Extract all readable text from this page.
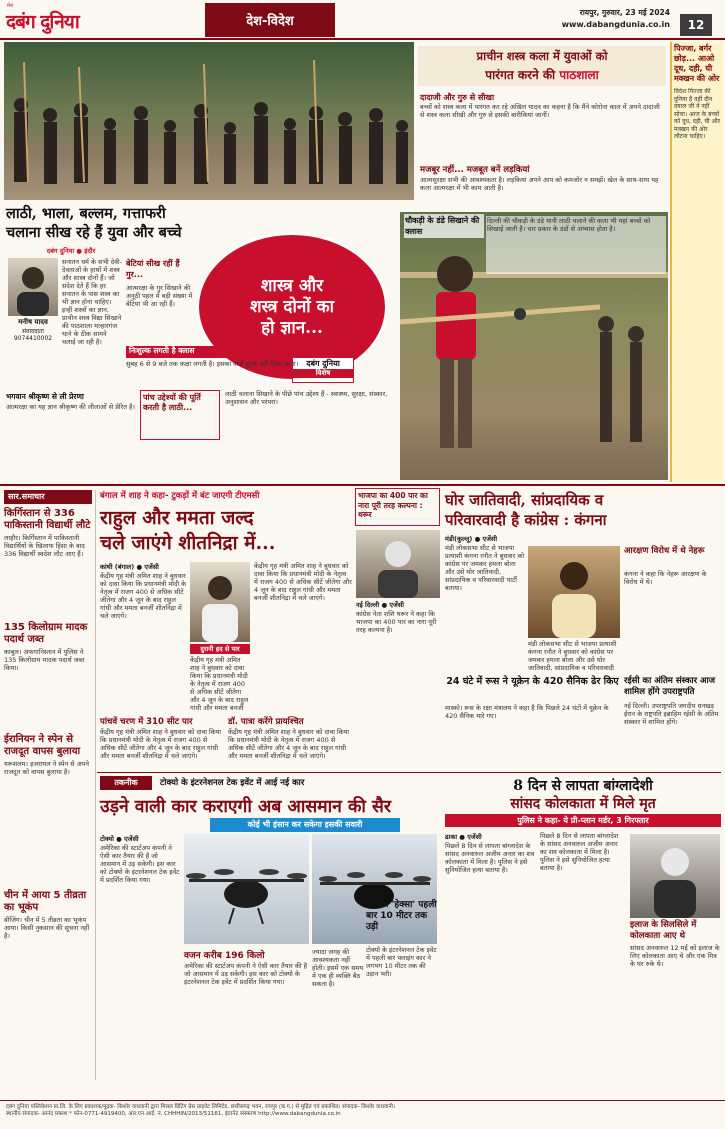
मेरा
दबंग दुनिया	देश-विदेश
रायपुर, गुरुवार, 23 मई 2024
www.dabangdunia.co.in	12
प्राचीन शस्त्र कला में युवाओं को
पारंगत करने की पाठशाला
पिज्जा, बर्गर छोड़... आओ दूध, दही, घी मक्खन की ओर
विदेश पिज्जा की दुनिया है वहीं दीन दयाल जी ने नहीं सोचा। आज के बच्चों को दूध, दही, घी और मक्खन की ओर लौटना चाहिए।
दादाजी और गुरु से सीखा
बच्चों को शस्त्र कला में पारंगत कर रहे अखिल यादव का कहना है कि मैंने कोरोना काल में अपने दादाजी से शस्त्र कला सीखी और गुरु से इसकी बारीकियां जानीं।
मजबूर नहीं... मजबूत बनें लड़कियां
आत्मसुरक्षा सभी की आवश्यकता है। लड़कियां अपने आप को कमजोर न समझें। खेल के साथ-साथ यह कला आत्मरक्षा में भी काम आती है।
लाठी, भाला, बल्लम, गत्ताफरी
चलाना सीख रहे हैं युवा और बच्चे
चौकड़ी के डंडे सिखाने की क्लास
दिल्ली की चौकड़ी के डंडे यानी लाठी चलाने की कला भी यहां बच्चों को सिखाई जाती है। चार प्रकार के डंडों से अभ्यास होता है।
शास्त्र और
शस्त्र दोनों का
हो ज्ञान...
दबंग दुनिया
विशेष
दबंग दुनिया ● इंदौर
मनीष यादव
संवाददाता
9074410002
सनातन धर्म के सभी देवी-देवताओं के हाथों में शस्त्र और शास्त्र दोनों हैं। जो संदेश देते हैं कि हर सनातन के पास शस्त्र का भी ज्ञान होना चाहिए। इन्हीं शस्त्रों का ज्ञान, प्राचीन शस्त्र विद्या सिखाने की पाठशाला मल्हारगंज थाने के ठीक सामने चलाई जा रही है।
भगवान श्रीकृष्ण से ली प्रेरणा
आत्मरक्षा का यह ज्ञान श्रीकृष्ण की लीलाओं से प्रेरित है।
बेटियां सीख रहीं हैं गुर...
आत्मरक्षा के गुर सिखाने की अनूठी पहल में बड़ी संख्या में बेटियां भी आ रही हैं।
निःशुल्क लगती है क्लास
सुबह 6 से 9 बजे तक कक्षा लगती है। इसका कोई शुल्क नहीं लिया जाता।
पांच उद्देश्यों की पूर्ति करती है लाठी...
लाठी चलाना सिखाने के पीछे पांच उद्देश्य हैं - स्वास्थ्य, सुरक्षा, संस्कार, अनुशासन और परंपरा।
सार.समाचार
किर्गिस्तान से 336 पाकिस्तानी विद्यार्थी लौटे
लाहौर। किर्गिस्तान में पाकिस्तानी विद्यार्थियों के खिलाफ हिंसा के बाद 336 विद्यार्थी स्वदेश लौट आए हैं।
135 किलोग्राम मादक पदार्थ जब्त
काबुल। अफगानिस्तान में पुलिस ने 135 किलोग्राम मादक पदार्थ जब्त किया।
ईरानियन ने स्पेन से राजदूत वापस बुलाया
यरूशलम। इजरायल ने स्पेन से अपने राजदूत को वापस बुलाया है।
चीन में आया 5 तीव्रता का भूकंप
बीजिंग। चीन में 5 तीव्रता का भूकंप आया। किसी नुकसान की सूचना नहीं है।
बंगाल में शाह ने कहा- टुकड़ों में बंट जाएगी टीएमसी
राहुल और ममता जल्द
चले जाएंगे शीतनिद्रा में...
कांथी (बंगाल) ● एजेंसी
केंद्रीय गृह मंत्री अमित शाह ने बुधवार को दावा किया कि प्रधानमंत्री मोदी के नेतृत्व में राजग 400 से अधिक सीटें जीतेगा और 4 जून के बाद राहुल गांधी और ममता बनर्जी शीतनिद्रा में चले जाएंगे।
दुरानी हद से पार
केंद्रीय गृह मंत्री अमित शाह ने बुधवार को दावा किया कि प्रधानमंत्री मोदी के नेतृत्व में राजग 400 से अधिक सीटें जीतेगा और 4 जून के बाद राहुल गांधी और ममता बनर्जी
केंद्रीय गृह मंत्री अमित शाह ने बुधवार को दावा किया कि प्रधानमंत्री मोदी के नेतृत्व में राजग 400 से अधिक सीटें जीतेगा और 4 जून के बाद राहुल गांधी और ममता बनर्जी शीतनिद्रा में चले जाएंगे।
पांचवें चरण में 310 सीट पार	डॉ. पात्रा करेंगे प्रायश्चित
केंद्रीय गृह मंत्री अमित शाह ने बुधवार को दावा किया कि प्रधानमंत्री मोदी के नेतृत्व में राजग 400 से अधिक सीटें जीतेगा और 4 जून के बाद राहुल गांधी और ममता बनर्जी शीतनिद्रा में चले जाएंगे।
केंद्रीय गृह मंत्री अमित शाह ने बुधवार को दावा किया कि प्रधानमंत्री मोदी के नेतृत्व में राजग 400 से अधिक सीटें जीतेगा और 4 जून के बाद राहुल गांधी और ममता बनर्जी शीतनिद्रा में चले जाएंगे।
भाजपा का 400 पार का नारा पूरी तरह कल्पना : थरूर
नई दिल्ली ● एजेंसी
कांग्रेस नेता शशि थरूर ने कहा कि भाजपा का 400 पार का नारा पूरी तरह कल्पना है।
घोर जातिवादी, सांप्रदायिक व
परिवारवादी है कांग्रेस : कंगना
मंडी(कुल्लू) ● एजेंसी
मंडी लोकसभा सीट से भाजपा प्रत्याशी कंगना रनौत ने बुधवार को कांग्रेस पर जमकर हमला बोला और उसे घोर जातिवादी, सांप्रदायिक व परिवारवादी पार्टी बताया।
मंडी लोकसभा सीट से भाजपा प्रत्याशी कंगना रनौत ने बुधवार को कांग्रेस पर जमकर हमला बोला और उसे घोर जातिवादी, सांप्रदायिक व परिवारवादी
आरक्षण विरोध में थे नेहरू
कंगना ने कहा कि नेहरू आरक्षण के विरोध में थे।
24 घंटे में रूस ने यूक्रेन के 420 सैनिक ढेर किए
मास्को। रूस के रक्षा मंत्रालय ने कहा है कि पिछले 24 घंटों में यूक्रेन के 420 सैनिक मारे गए।
रईसी का अंतिम संस्कार आज शामिल होंगे उपराष्ट्रपति
नई दिल्ली। उपराष्ट्रपति जगदीप धनखड़ ईरान के राष्ट्रपति इब्राहिम रईसी के अंतिम संस्कार में शामिल होंगे।
तकनीक	टोक्यो के इंटरनेशनल टेक इवेंट में आई नई कार
उड़ने वाली कार कराएगी अब आसमान की सैर
कोई भी इंसान कर सकेगा इसकी सवारी
टोक्यो ● एजेंसी
अमेरिका की स्टार्टअप कंपनी ने ऐसी कार तैयार की है जो आसमान में उड़ सकेगी। इस कार को टोक्यो के इंटरनेशनल टेक इवेंट में प्रदर्शित किया गया।
वजन करीब 196 किलो
अमेरिका की स्टार्टअप कंपनी ने ऐसी कार तैयार की है जो आसमान में उड़ सकेगी। इस कार को टोक्यो के इंटरनेशनल टेक इवेंट में प्रदर्शित किया गया।
ज्यादा जगह की आवश्यकता नहीं होती। इसमें एक समय में एक ही व्यक्ति बैठ सकता है।
इवेंट में 'हेक्सा' पहली बार 10 मीटर तक उड़ी
टोक्यो के इंटरनेशनल टेक इवेंट में पहली बार फ्लाइंग कार ने लगभग 10 मीटर तक की उड़ान भरी।
8 दिन से लापता बांग्लादेशी
सांसद कोलकाता में मिले मृत
पुलिस ने कहा- ये प्री-प्लान मर्डर, 3 गिरफ्तार
ढाका ● एजेंसी
पिछले 8 दिन से लापता बांग्लादेश के सांसद अनवारुल अजीम अनार का शव कोलकाता में मिला है। पुलिस ने इसे सुनियोजित हत्या बताया है।
पिछले 8 दिन से लापता बांग्लादेश के सांसद अनवारुल अजीम अनार का शव कोलकाता में मिला है। पुलिस ने इसे सुनियोजित हत्या बताया है।
इलाज के सिलसिले में कोलकाता आए थे
सांसद अनवारुल 12 मई को इलाज के लिए कोलकाता आए थे और एक मित्र के घर रुके थे।
दबंग दुनिया पब्लिकेशन प्रा.लि. के लिए प्रकाशक/मुद्रक- किशोर वाधवानी द्वारा मित्तल प्रिंटिंग प्रेस प्राइवेट लिमिटेड, छत्तीसगढ़ भवन, रायपुर (छ.ग.) से मुद्रित एवं प्रकाशित। संपादक- किशोर वाधवानी।
स्थानीय संपादक- आनंद प्रकाश * फोन-0771-4919400, आर.एन.आई. नं. CHHHIN/2013/51161, इंटरनेट संस्करण http://www.dabangdunia.co.in
